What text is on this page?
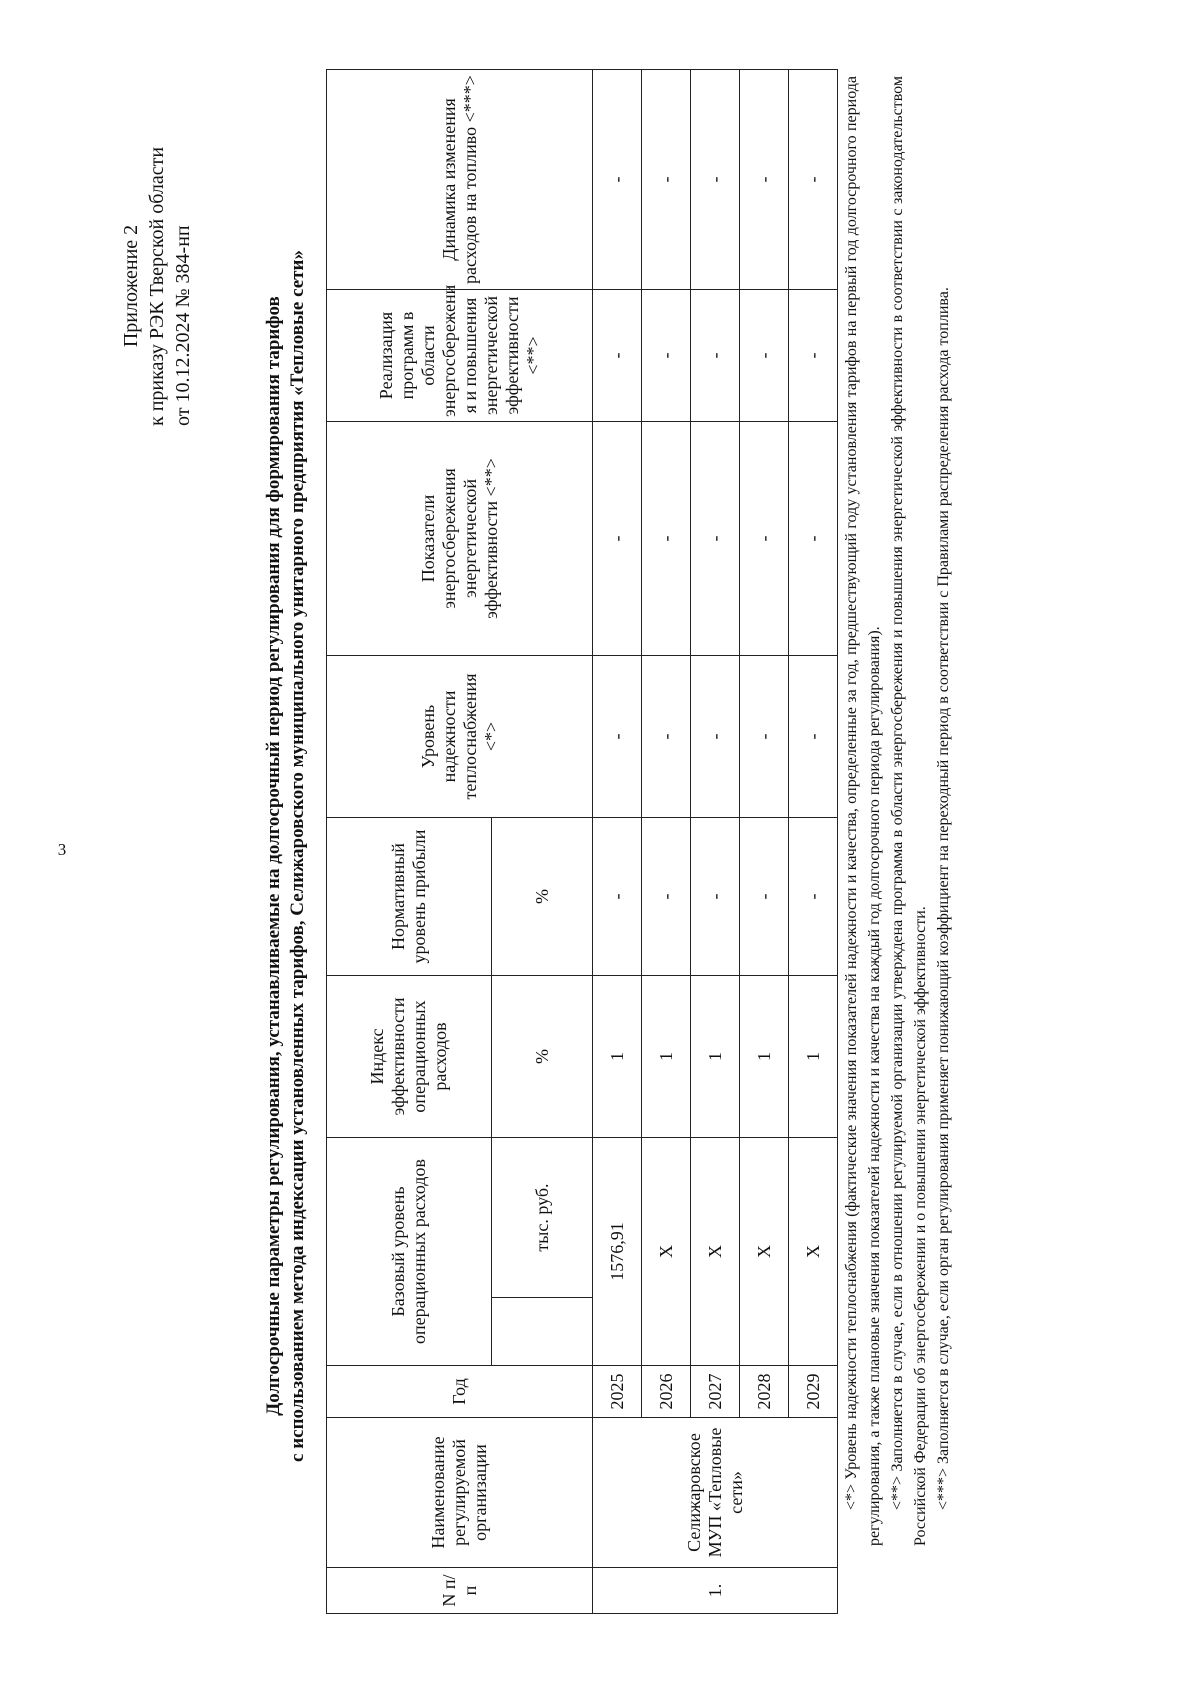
3
Приложение 2 к приказу РЭК Тверской области от 10.12.2024 № 384-нп	Долгосрочные параметры регулирования, устанавливаемые на долгосрочный период регулирования для формирования тарифов с использованием метода индексации установленных тарифов, Селижаровского муниципального унитарного предприятия «Тепловые сети»
N п/п	Наименование регулируемой организации	Год	Базовый уровень операционных расходов		Индекс эффективности операционных расходов	Нормативный уровень прибыли	Уровень надежности теплоснабжения <*>	Показатели энергосбережения энергетической эффективности <**>	Реализация программ в области энергосбережени я и повышения энергетической эффективности <**>	Динамика изменения расходов на топливо <***>
				тыс. руб.	%	%				
1.	Селижаровское МУП «Тепловые сети»	2025	1576,91		1	-	-	-	-	-
		2026	X		1	-	-	-	-	-
		2027	X		1	-	-	-	-	-
		2028	X		1	-	-	-	-	-
		2029	X		1	-	-	-	-	- <*> Уровень надежности теплоснабжения (фактические значения показателей надежности и качества, определенные за год, предшествующий году установления тарифов на первый год долгосрочного периода регулирования, а также плановые значения показателей надежности и качества на каждый год долгосрочного периода регулирования). <**> Заполняется в случае, если в отношении регулируемой организации утверждена программа в области энергосбережения и повышения энергетической эффективности в соответствии с законодательством Российской Федерации об энергосбережении и о повышении энергетической эффективности. <***> Заполняется в случае, если орган регулирования применяет понижающий коэффициент на переходный период в соответствии с Правилами распределения расхода топлива.
